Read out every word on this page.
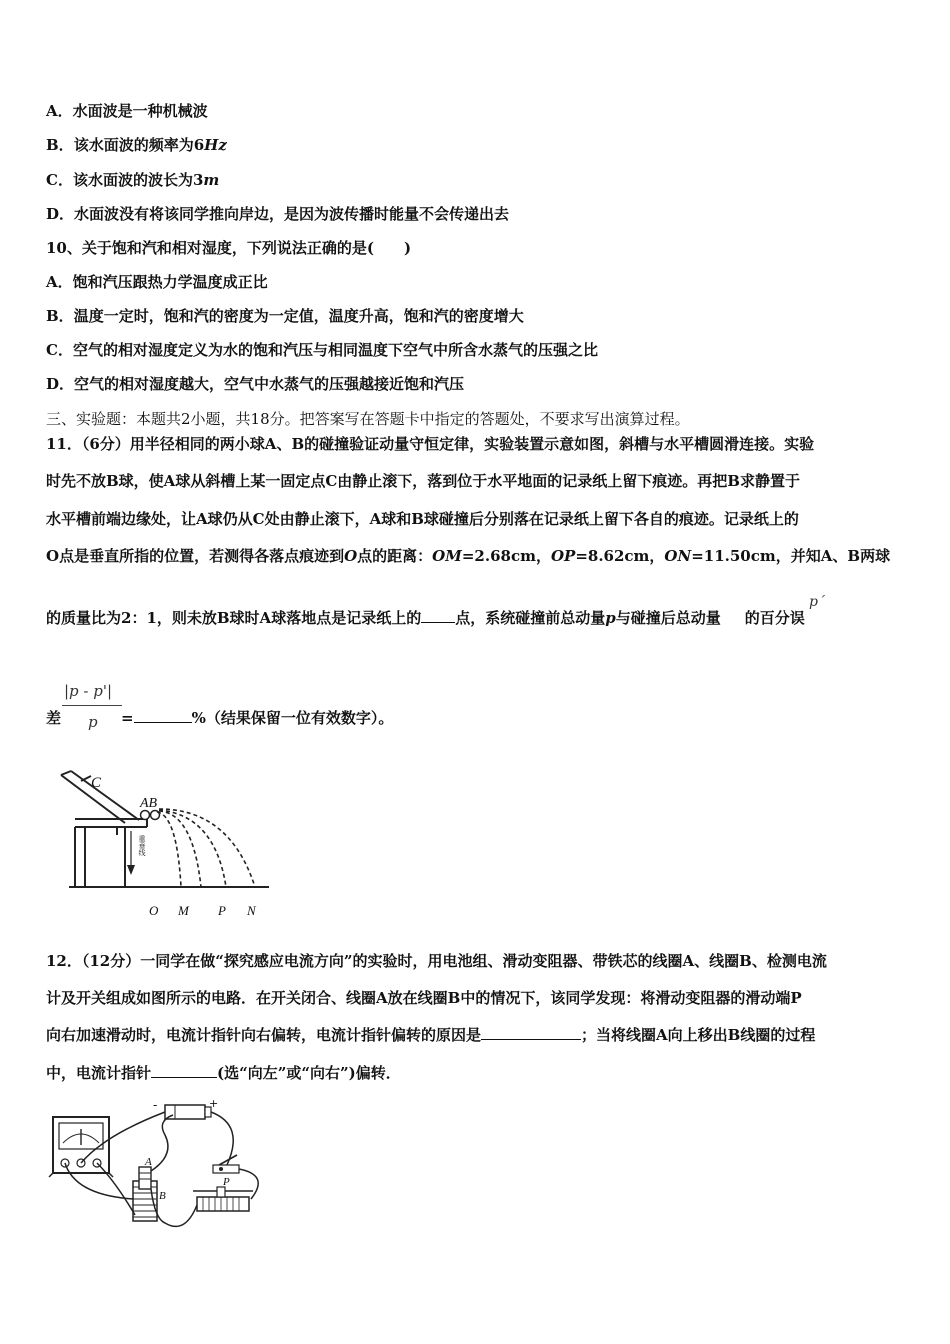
A．水面波是一种机械波
B．该水面波的频率为6Hz
C．该水面波的波长为3m
D．水面波没有将该同学推向岸边，是因为波传播时能量不会传递出去
10、关于饱和汽和相对湿度，下列说法正确的是(　　)
A．饱和汽压跟热力学温度成正比
B．温度一定时，饱和汽的密度为一定值，温度升高，饱和汽的密度增大
C．空气的相对湿度定义为水的饱和汽压与相同温度下空气中所含水蒸气的压强之比
D．空气的相对湿度越大，空气中水蒸气的压强越接近饱和汽压
三、实验题：本题共2小题，共18分。把答案写在答题卡中指定的答题处，不要求写出演算过程。
11．（6分）用半径相同的两小球A、B的碰撞验证动量守恒定律，实验装置示意如图，斜槽与水平槽圆滑连接。实验
时先不放B球，使A球从斜槽上某一固定点C由静止滚下，落到位于水平地面的记录纸上留下痕迹。再把B求静置于
水平槽前端边缘处，让A球仍从C处由静止滚下，A球和B球碰撞后分别落在记录纸上留下各自的痕迹。记录纸上的
O点是垂直所指的位置，若测得各落点痕迹到O点的距离：OM=2.68cm，OP=8.62cm，ON=11.50cm，并知A、B两球
的质量比为2：1，则未放B球时A球落地点是记录纸上的 点，系统碰撞前总动量p与碰撞后总动量 的百分误
p´
差	=	%（结果保留一位有效数字）。
|p - p'|
p
C
AB
重垂线
O M P N
12．（12分）一同学在做“探究感应电流方向”的实验时，用电池组、滑动变阻器、带铁芯的线圈A、线圈B、检测电流
计及开关组成如图所示的电路．在开关闭合、线圈A放在线圈B中的情况下，该同学发现：将滑动变阻器的滑动端P
向右加速滑动时，电流计指针向右偏转，电流计指针偏转的原因是	；当将线圈A向上移出B线圈的过程
中，电流计指针	(选“向左”或“向右”)偏转．
-	+
A
B
P
